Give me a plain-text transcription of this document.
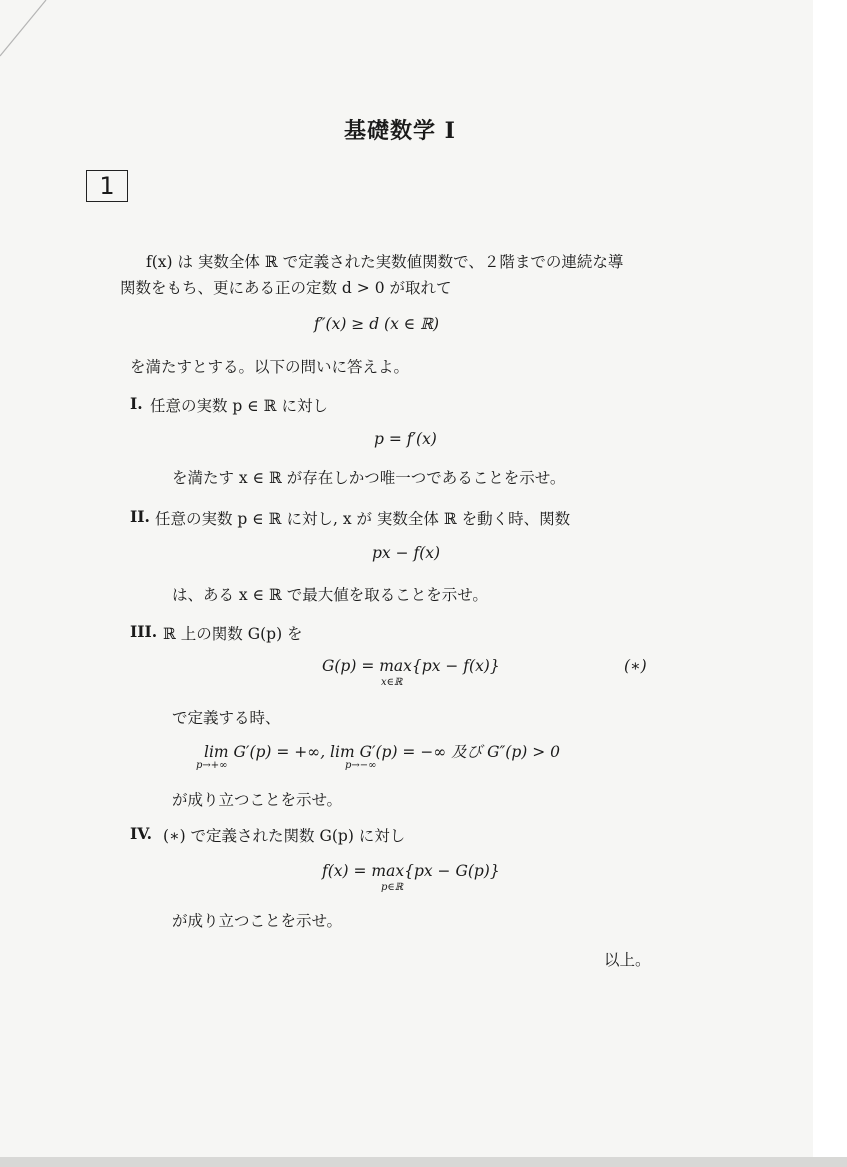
基礎数学 I
1
f(x) は 実数全体 ℝ で定義された実数値関数で、２階までの連続な導
関数をもち、更にある正の定数 d > 0 が取れて
f″(x) ≥ d (x ∈ ℝ)
を満たすとする。以下の問いに答えよ。
I. 任意の実数 p ∈ ℝ に対し
p = f′(x)
を満たす x ∈ ℝ が存在しかつ唯一つであることを示せ。
II. 任意の実数 p ∈ ℝ に対し, x が 実数全体 ℝ を動く時、関数
px − f(x)
は、ある x ∈ ℝ で最大値を取ることを示せ。
III. ℝ 上の関数 G(p) を
G(p) = max{px − f(x)}
x∈ℝ
(∗)
で定義する時、
lim G′(p) = +∞, lim G′(p) = −∞ 及び G″(p) > 0
p→+∞	p→−∞
が成り立つことを示せ。
IV. (∗) で定義された関数 G(p) に対し
f(x) = max{px − G(p)}
p∈ℝ
が成り立つことを示せ。
以上。
